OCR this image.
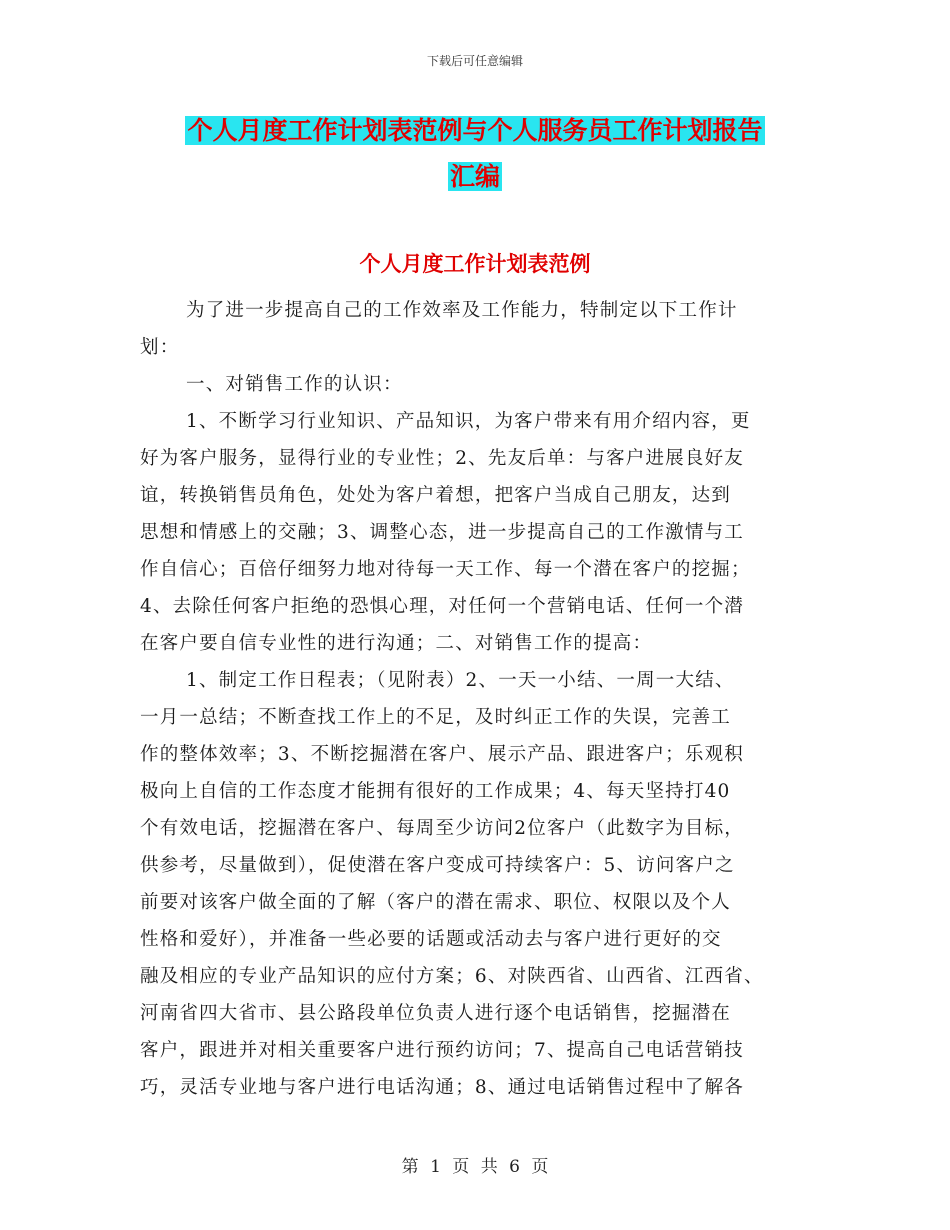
下载后可任意编辑
个人月度工作计划表范例与个人服务员工作计划报告
汇编
个人月度工作计划表范例
为了进一步提高自己的工作效率及工作能力，特制定以下工作计
划：
一、对销售工作的认识：
1、不断学习行业知识、产品知识，为客户带来有用介绍内容，更
好为客户服务，显得行业的专业性；2、先友后单：与客户进展良好友
谊，转换销售员角色，处处为客户着想，把客户当成自己朋友，达到
思想和情感上的交融；3、调整心态，进一步提高自己的工作激情与工
作自信心；百倍仔细努力地对待每一天工作、每一个潜在客户的挖掘；
4、去除任何客户拒绝的恐惧心理，对任何一个营销电话、任何一个潜
在客户要自信专业性的进行沟通；二、对销售工作的提高：
1、制定工作日程表；（见附表）2、一天一小结、一周一大结、
一月一总结；不断查找工作上的不足，及时纠正工作的失误，完善工
作的整体效率；3、不断挖掘潜在客户、展示产品、跟进客户；乐观积
极向上自信的工作态度才能拥有很好的工作成果；4、每天坚持打40
个有效电话，挖掘潜在客户、每周至少访问2位客户（此数字为目标，
供参考，尽量做到），促使潜在客户变成可持续客户：5、访问客户之
前要对该客户做全面的了解（客户的潜在需求、职位、权限以及个人
性格和爱好），并准备一些必要的话题或活动去与客户进行更好的交
融及相应的专业产品知识的应付方案；6、对陕西省、山西省、江西省、
河南省四大省市、县公路段单位负责人进行逐个电话销售，挖掘潜在
客户，跟进并对相关重要客户进行预约访问；7、提高自己电话营销技
巧，灵活专业地与客户进行电话沟通；8、通过电话销售过程中了解各
第 1 页 共 6 页
